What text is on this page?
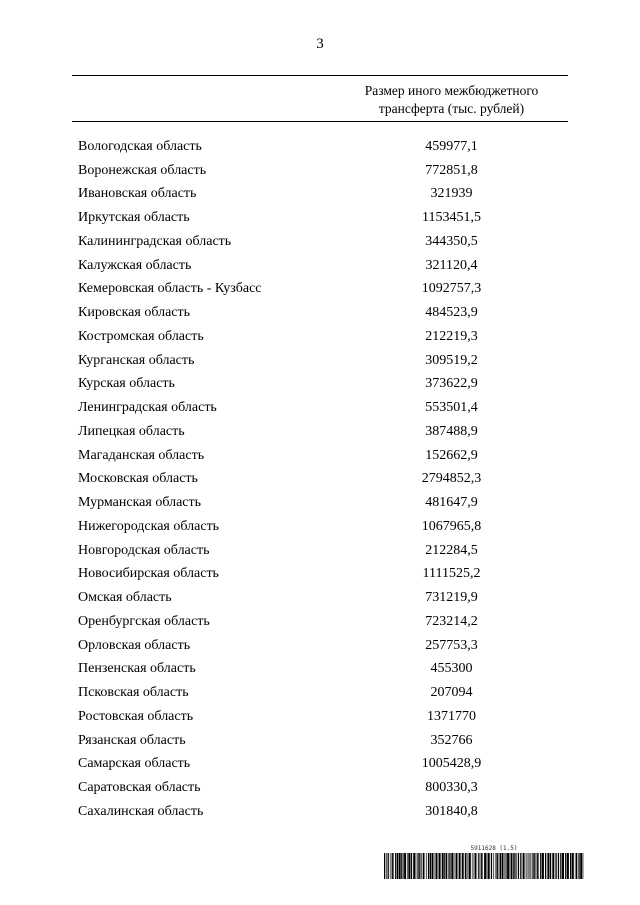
3
Размер иного межбюджетного трансферта (тыс. рублей)
Вологодская область	459977,1
Воронежская область	772851,8
Ивановская область	321939
Иркутская область	1153451,5
Калининградская область	344350,5
Калужская область	321120,4
Кемеровская область - Кузбасс	1092757,3
Кировская область	484523,9
Костромская область	212219,3
Курганская область	309519,2
Курская область	373622,9
Ленинградская область	553501,4
Липецкая область	387488,9
Магаданская область	152662,9
Московская область	2794852,3
Мурманская область	481647,9
Нижегородская область	1067965,8
Новгородская область	212284,5
Новосибирская область	1111525,2
Омская область	731219,9
Оренбургская область	723214,2
Орловская область	257753,3
Пензенская область	455300
Псковская область	207094
Ростовская область	1371770
Рязанская область	352766
Самарская область	1005428,9
Саратовская область	800330,3
Сахалинская область	301840,8
5911628 (1.5)
